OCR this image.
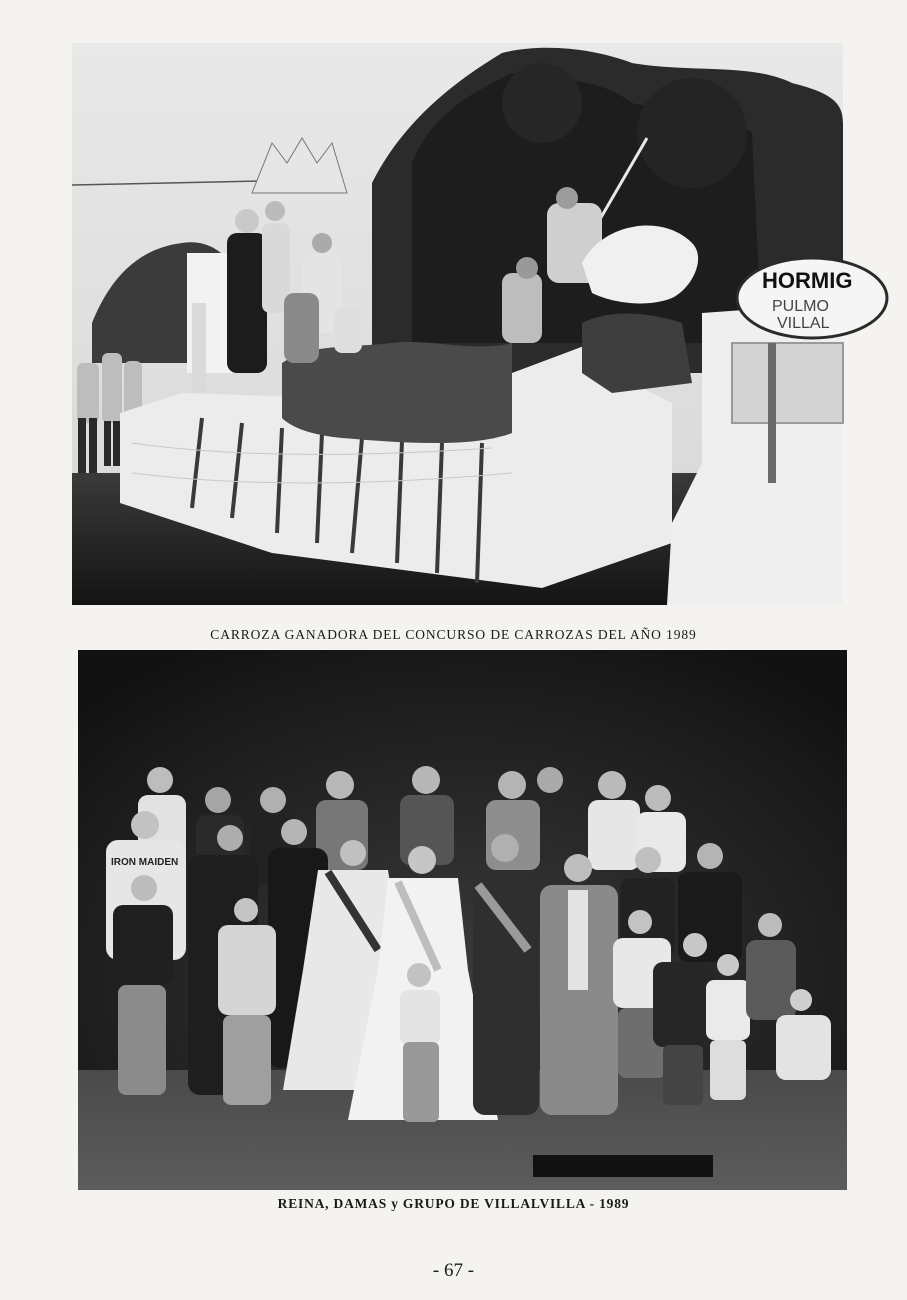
HORMIG
PULMO
VILLAL
CARROZA GANADORA DEL CONCURSO DE CARROZAS DEL AÑO 1989
IRON MAIDEN
REINA, DAMAS y GRUPO DE VILLALVILLA - 1989
- 67 -
